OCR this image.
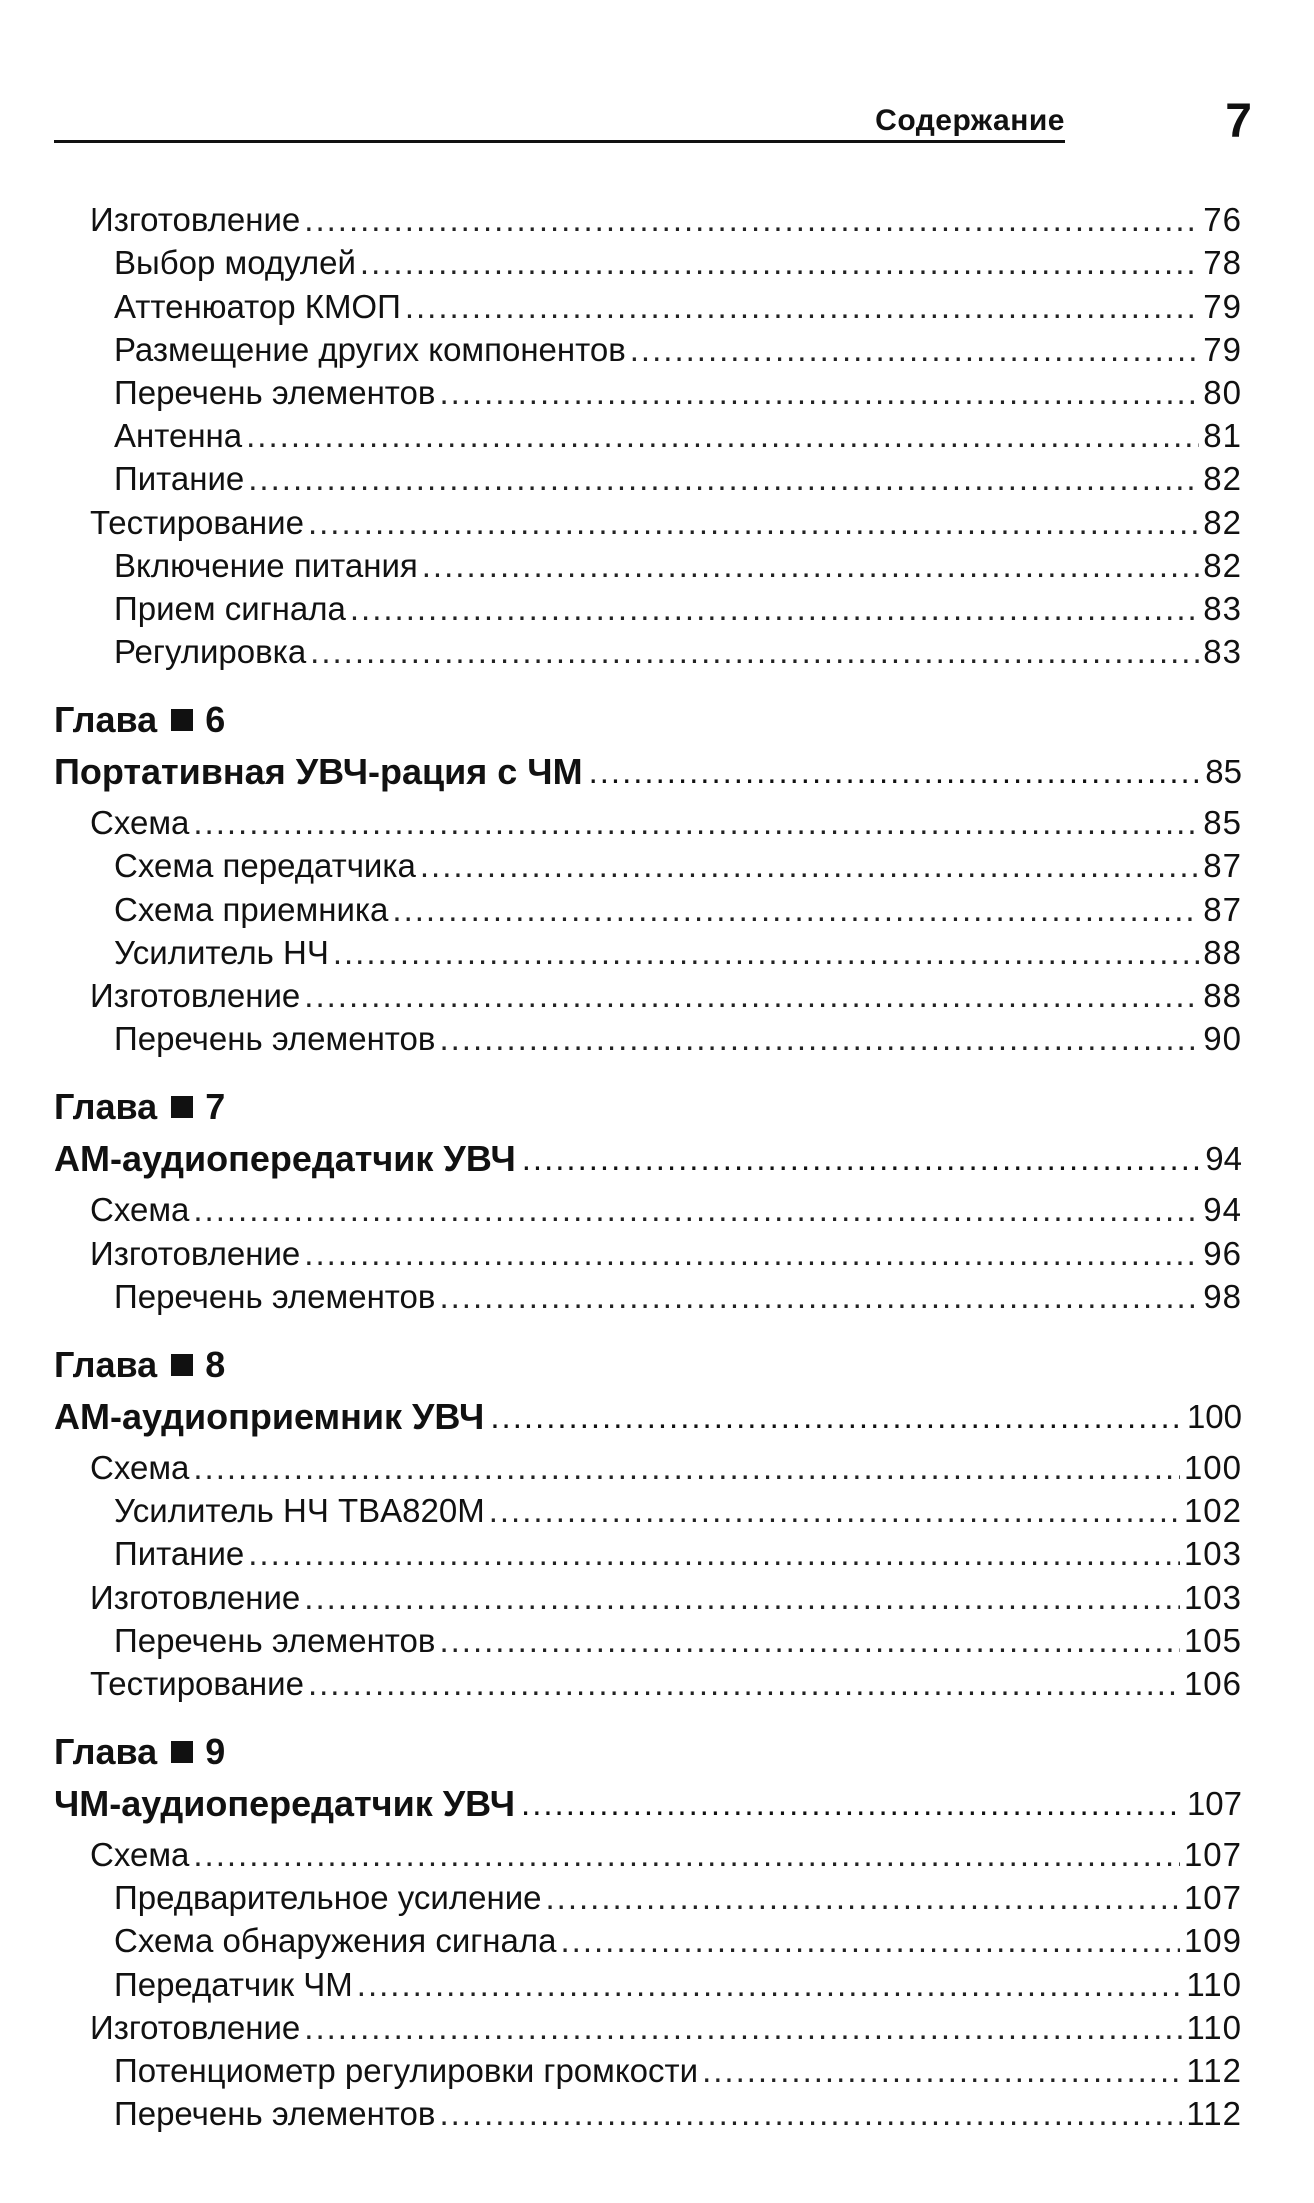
Содержание	7
Изготовление .....	76
Выбор модулей .....	78
Аттенюатор КМОП .....	79
Размещение других компонентов .....	79
Перечень элементов .....	80
Антенна .....	81
Питание .....	82
Тестирование .....	82
Включение питания .....	82
Прием сигнала .....	83
Регулировка .....	83
Глава 6
Портативная УВЧ-рация с ЧМ .....	85
Схема .....	85
Схема передатчика .....	87
Схема приемника .....	87
Усилитель НЧ .....	88
Изготовление .....	88
Перечень элементов .....	90
Глава 7
АМ-аудиопередатчик УВЧ .....	94
Схема .....	94
Изготовление .....	96
Перечень элементов .....	98
Глава 8
АМ-аудиоприемник УВЧ .....	100
Схема .....	100
Усилитель НЧ TBA820M .....	102
Питание .....	103
Изготовление .....	103
Перечень элементов .....	105
Тестирование .....	106
Глава 9
ЧМ-аудиопередатчик УВЧ .....	107
Схема .....	107
Предварительное усиление .....	107
Схема обнаружения сигнала .....	109
Передатчик ЧМ .....	110
Изготовление .....	110
Потенциометр регулировки громкости .....	112
Перечень элементов .....	112
